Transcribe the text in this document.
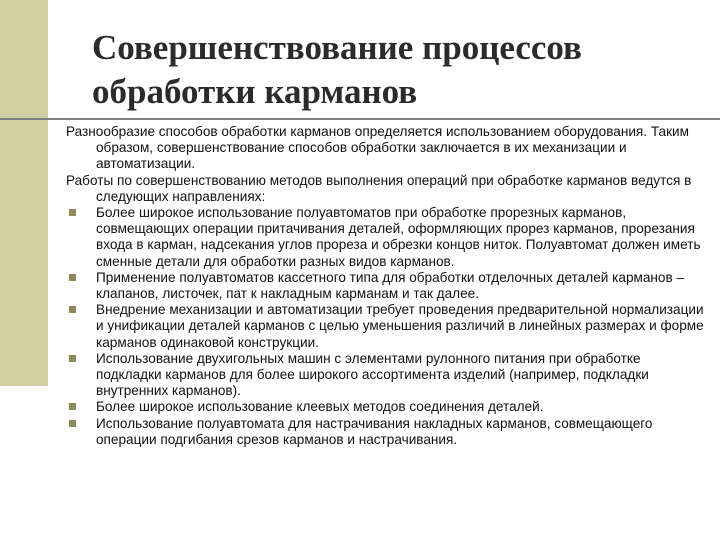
Совершенствование процессов
обработки карманов

Разнообразие способов обработки карманов определяется использованием оборудования. Таким образом, совершенствование способов обработки заключается в их механизации и автоматизации.

Работы по совершенствованию методов выполнения операций при обработке карманов ведутся в следующих направлениях:

Более широкое использование полуавтоматов при обработке прорезных карманов, совмещающих операции притачивания деталей, оформляющих прорез карманов, прорезания входа в карман, надсекания углов прореза и обрезки концов ниток. Полуавтомат должен иметь сменные детали для обработки разных видов карманов.
Применение полуавтоматов кассетного типа для обработки отделочных деталей карманов – клапанов, листочек, пат к накладным карманам и так далее.
Внедрение механизации и автоматизации требует проведения предварительной нормализации и унификации деталей карманов с целью уменьшения различий в линейных размерах и форме карманов одинаковой конструкции.
Использование двухигольных машин с элементами рулонного питания при обработке подкладки карманов для более широкого ассортимента изделий (например, подкладки внутренних карманов).
Более широкое использование клеевых методов соединения деталей.
Использование полуавтомата для настрачивания накладных карманов, совмещающего операции подгибания срезов карманов и настрачивания.
